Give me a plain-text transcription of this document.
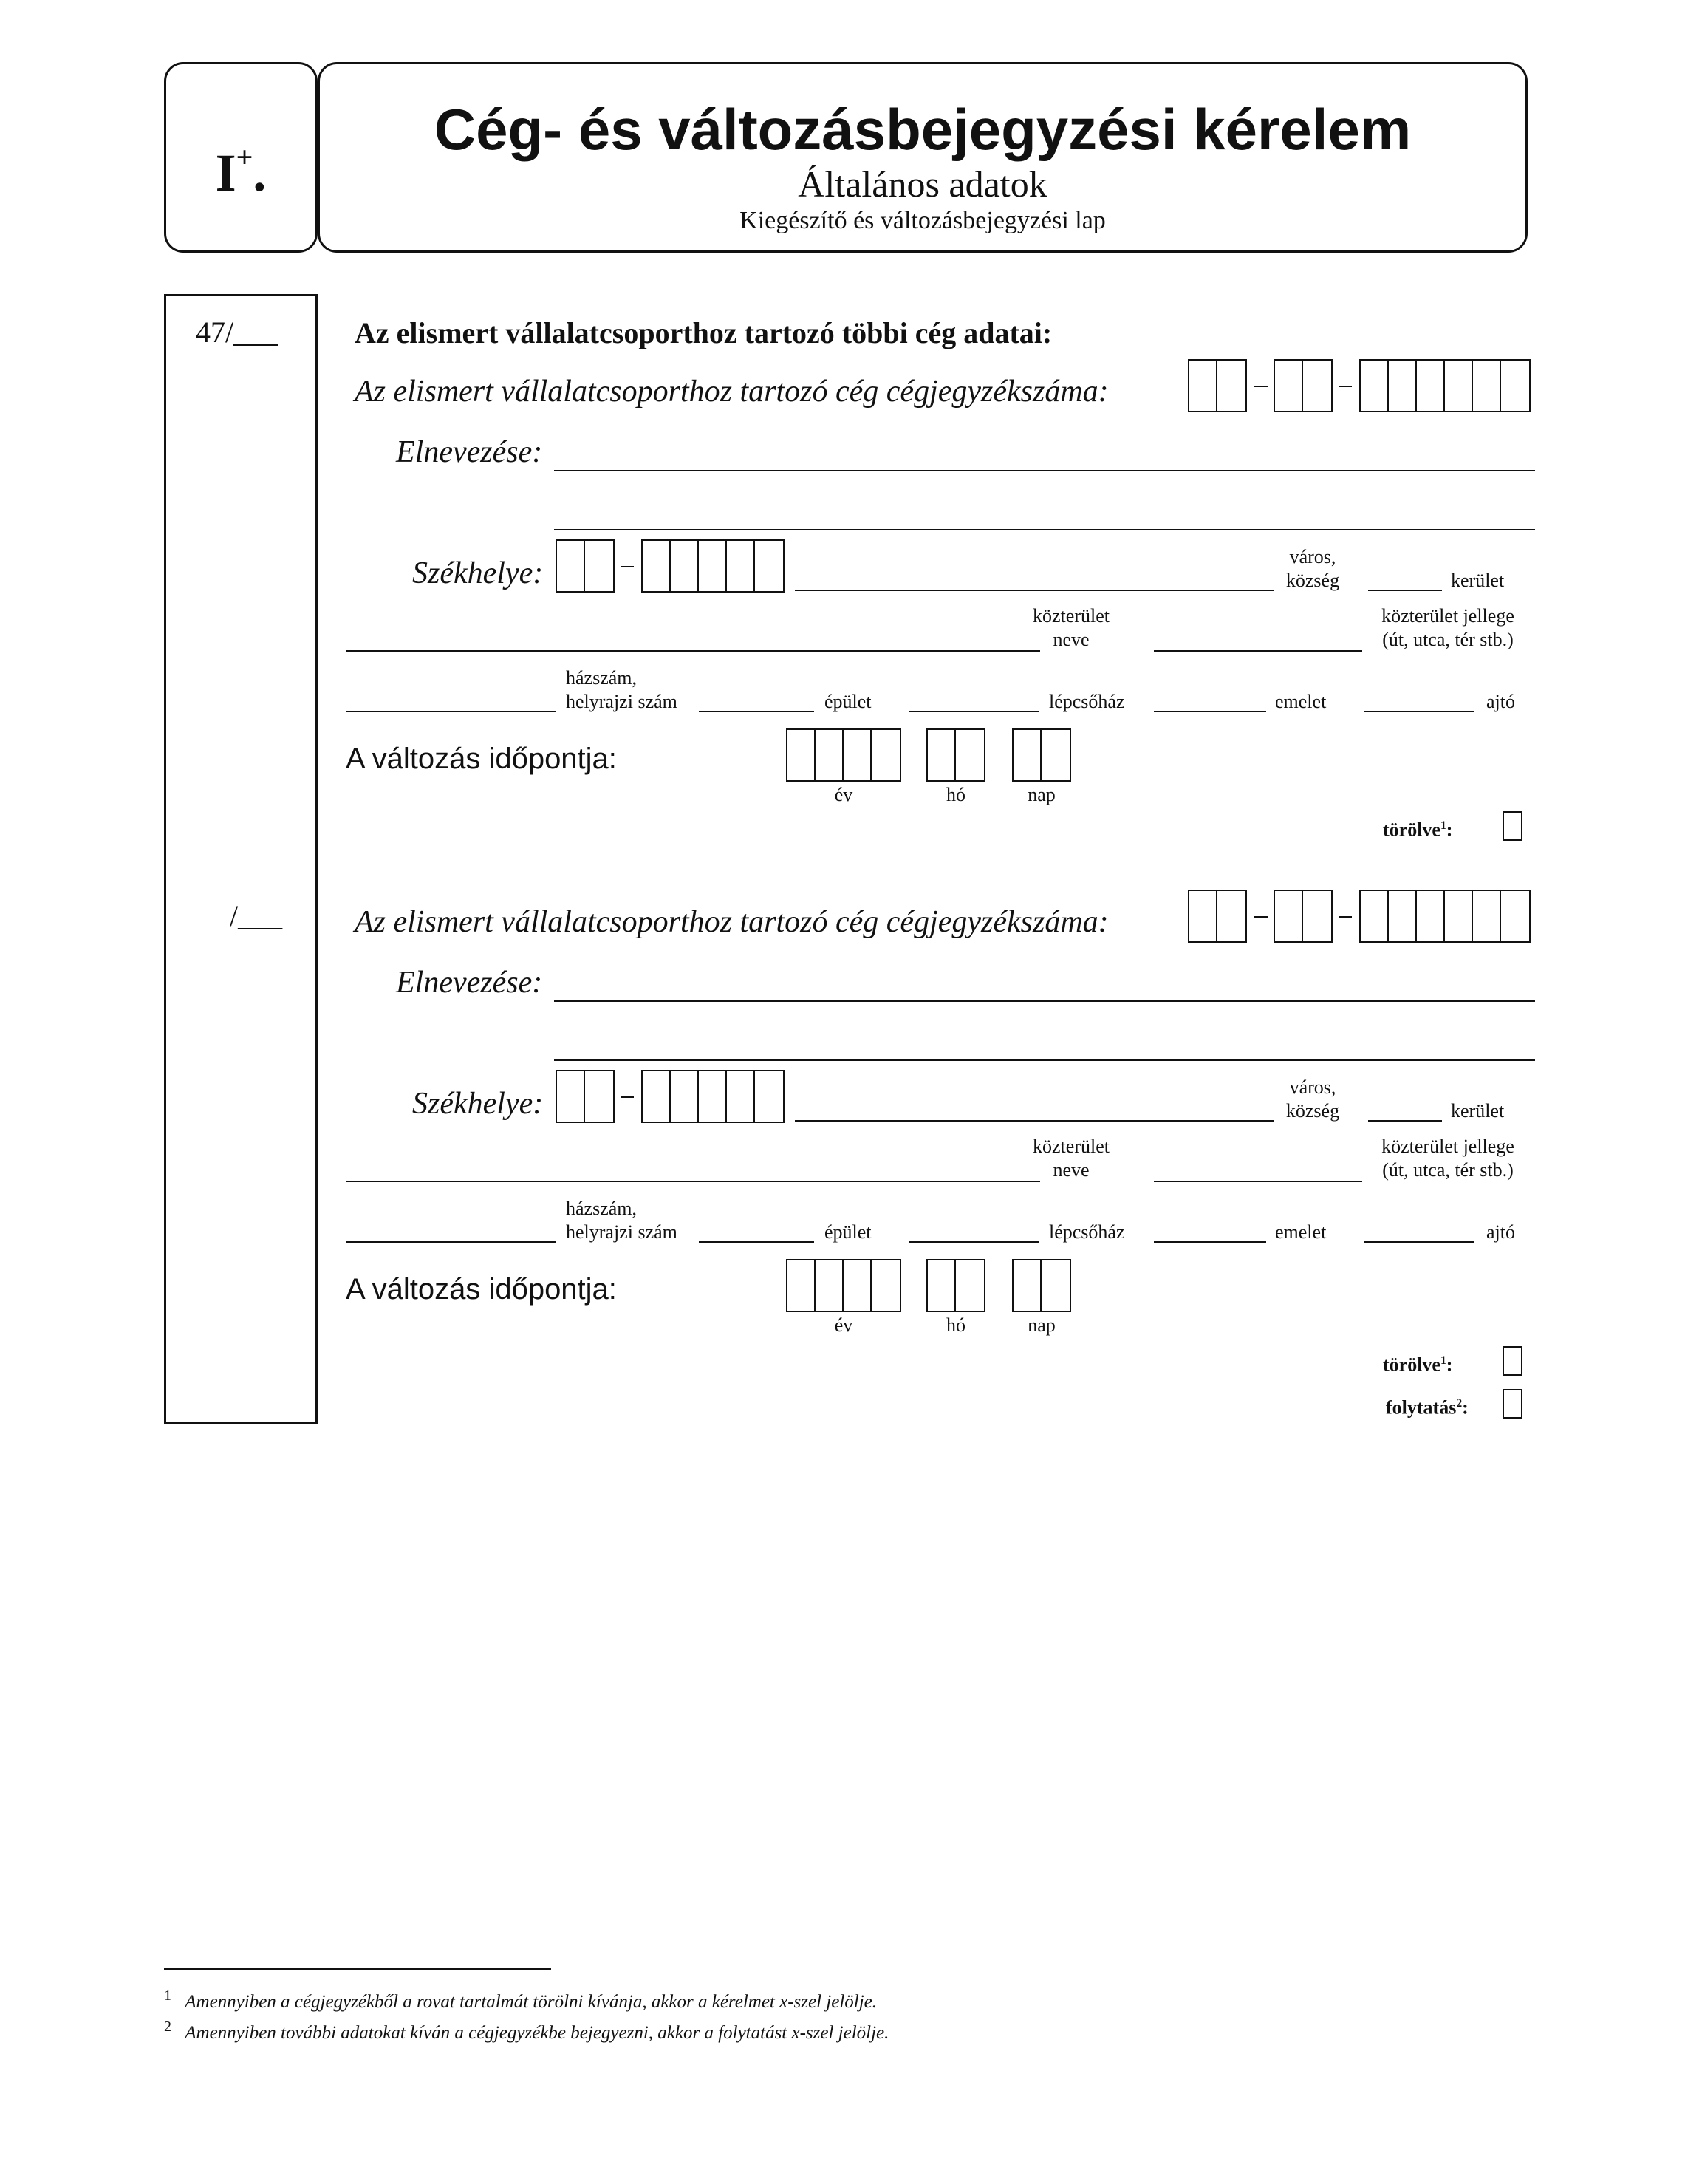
I+.
Cég- és változásbejegyzési kérelem
Általános adatok
Kiegészítő és változásbejegyzési lap
47/___
/___
Az elismert vállalatcsoporthoz tartozó többi cég adatai:
Az elismert vállalatcsoporthoz tartozó cég cégjegyzékszáma:
Elnevezése:
Székhelye:	város,
község	kerület
közterület
neve
közterület jellege
(út, utca, tér stb.)
házszám,
helyrajzi szám	épület	lépcsőház	emelet	ajtó
A változás időpontja:
év	hó	nap
törölve$^1$:
Az elismert vállalatcsoporthoz tartozó cég cégjegyzékszáma:
Elnevezése:
Székhelye:	város,
község	kerület
közterület
neve
közterület jellege
(út, utca, tér stb.)
házszám,
helyrajzi szám	épület	lépcsőház	emelet	ajtó
A változás időpontja:
év	hó	nap
törölve$^1$:
folytatás$^2$:
$^1$ Amennyiben a cégjegyzékből a rovat tartalmát törölni kívánja, akkor a kérelmet x-szel jelölje.
$^2$ Amennyiben további adatokat kíván a cégjegyzékbe bejegyezni, akkor a folytatást x-szel jelölje.
